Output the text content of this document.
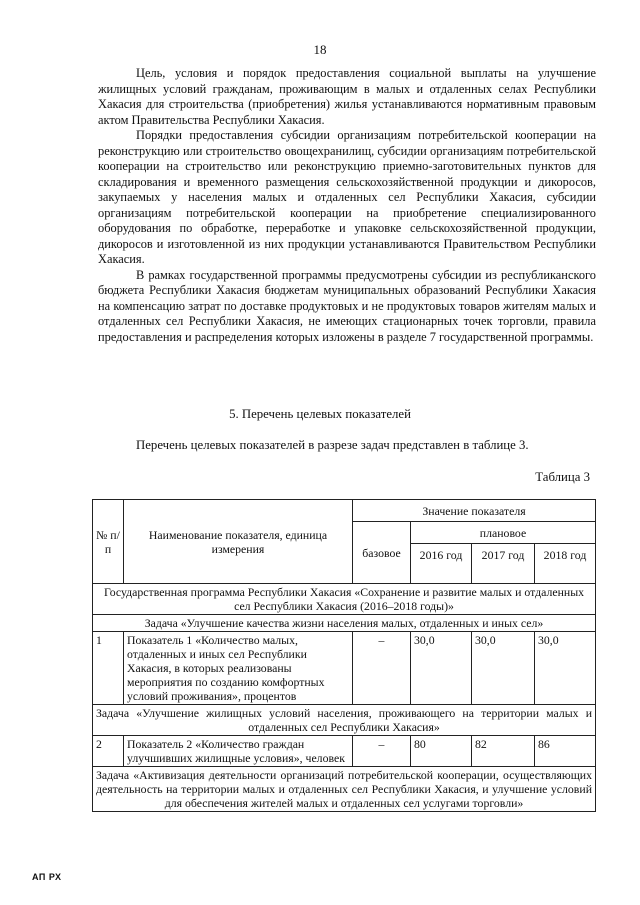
18

Цель, условия и порядок предоставления социальной выплаты на улучшение жилищных условий гражданам, проживающим в малых и отдаленных селах Республики Хакасия для строительства (приобретения) жилья устанавливаются нормативным правовым актом Правительства Республики Хакасия.

Порядки предоставления субсидии организациям потребительской кооперации на реконструкцию или строительство овощехранилищ, субсидии организациям потребительской кооперации на строительство или реконструкцию приемно-заготовительных пунктов для складирования и временного размещения сельскохозяйственной продукции и дикоросов, закупаемых у населения малых и отдаленных сел Республики Хакасия, субсидии организациям потребительской кооперации на приобретение специализированного оборудования по обработке, переработке и упаковке сельскохозяйственной продукции, дикоросов и изготовленной из них продукции устанавливаются Правительством Республики Хакасия.

В рамках государственной программы предусмотрены субсидии из республиканского бюджета Республики Хакасия бюджетам муниципальных образований Республики Хакасия на компенсацию затрат по доставке продуктовых и не продуктовых товаров жителям малых и отдаленных сел Республики Хакасия, не имеющих стационарных точек торговли, правила предоставления и распределения которых изложены в разделе 7 государственной программы.

5. Перечень целевых показателей
Перечень целевых показателей в разрезе задач представлен в таблице 3.
Таблица 3
№ п/п	Наименование показателя, единица измерения	Значение показателя			
		базовое	плановое		
			2016 год	2017 год	2018 год
Государственная программа Республики Хакасия «Сохранение и развитие малых и отдаленных сел Республики Хакасия (2016–2018 годы)»					
Задача «Улучшение качества жизни населения малых, отдаленных и иных сел»					
1	Показатель 1 «Количество малых, отдаленных и иных сел Республики Хакасия, в которых реализованы мероприятия по созданию комфортных условий проживания», процентов	–	30,0	30,0	30,0
Задача «Улучшение жилищных условий населения, проживающего на территории малых и отдаленных сел Республики Хакасия»					
2	Показатель 2 «Количество граждан улучшивших жилищные условия», человек	–	80	82	86
Задача «Активизация деятельности организаций потребительской кооперации, осуществляющих деятельность на территории малых и отдаленных сел Республики Хакасия, и улучшение условий для обеспечения жителей малых и отдаленных сел услугами торговли»					
АП РХ
